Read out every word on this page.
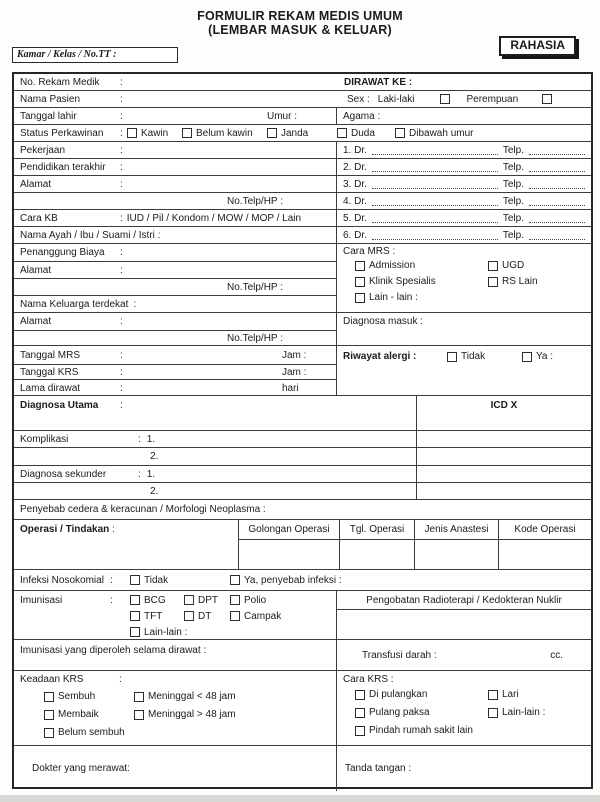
FORMULIR REKAM MEDIS UMUM
(LEMBAR MASUK & KELUAR)
RAHASIA
Kamar / Kelas / No.TT :
No. Rekam Medik	:	DIRAWAT KE :
Nama Pasien	:	Sex : Laki-laki	Perempuan
Tanggal lahir	:	Umur :	Agama :
Status Perkawinan	: Kawin	Belum kawin	Janda	Duda	Dibawah umur
Pekerjaan	:	1. Dr.	Telp.
Pendidikan terakhir	:	2. Dr.	Telp.
Alamat	:	3. Dr.	Telp.
No.Telp/HP :	4. Dr.	Telp.
Cara KB	: IUD / Pil / Kondom / MOW / MOP / Lain	5. Dr.	Telp.
Nama Ayah / Ibu / Suami / Istri :	6. Dr.	Telp.
Penanggung Biaya	:
Alamat	:
No.Telp/HP :
Nama Keluarga terdekat :
Cara MRS :
Admission	UGD
Klinik Spesialis	RS Lain
Lain - lain :
Alamat	:
No.Telp/HP :
Diagnosa masuk :
Tanggal MRS	:	Jam :
Tanggal KRS	:	Jam :
Lama dirawat	:	hari
Riwayat alergi :	Tidak	Ya :
Diagnosa Utama	:	ICD X
Komplikasi	: 1.
2.
Diagnosa sekunder	: 1.
2.
Penyebab cedera & keracunan / Morfologi Neoplasma :
Operasi / Tindakan :	Golongan Operasi	Tgl. Operasi	Jenis Anastesi	Kode Operasi
Infeksi Nosokomial :	Tidak	Ya, penyebab infeksi :
Imunisasi	:	BCG	DPT	Polio
TFT	DT	Campak
Lain-lain :
Pengobatan Radioterapi / Kedokteran Nuklir
Imunisasi yang diperoleh selama dirawat :	Transfusi darah :	cc.
Keadaan KRS	:
Sembuh	Meninggal < 48 jam
Membaik	Meninggal > 48 jam
Belum sembuh
Cara KRS :
Di pulangkan	Lari
Pulang paksa	Lain-lain :
Pindah rumah sakit lain
Dokter yang merawat :	Tanda tangan :
